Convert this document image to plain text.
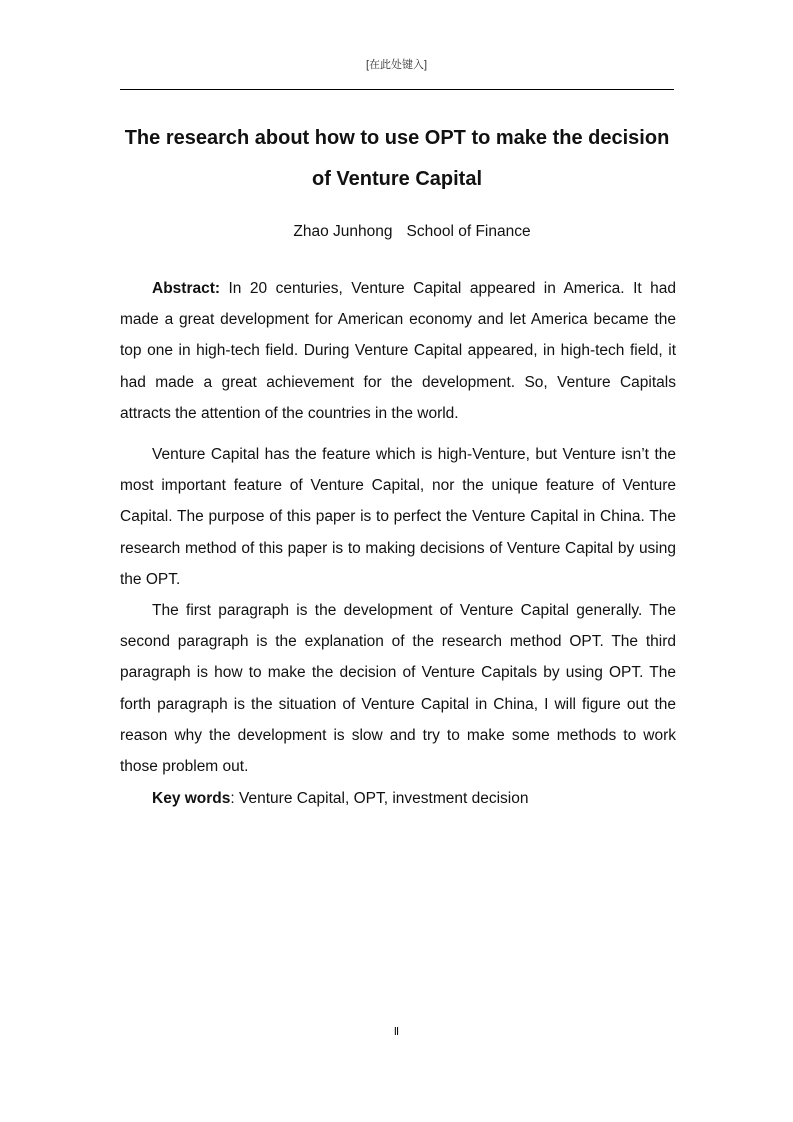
[在此处键入]
The research about how to use OPT to make the decision
of Venture Capital
Zhao Junhong School of Finance

Abstract: In 20 centuries, Venture Capital appeared in America. It had made a great development for American economy and let America became the top one in high-tech field. During Venture Capital appeared, in high-tech field, it had made a great achievement for the development. So, Venture Capitals attracts the attention of the countries in the world.

Venture Capital has the feature which is high-Venture, but Venture isn’t the most important feature of Venture Capital, nor the unique feature of Venture Capital. The purpose of this paper is to perfect the Venture Capital in China. The research method of this paper is to making decisions of Venture Capital by using the OPT.

The first paragraph is the development of Venture Capital generally. The second paragraph is the explanation of the research method OPT. The third paragraph is how to make the decision of Venture Capitals by using OPT. The forth paragraph is the situation of Venture Capital in China, I will figure out the reason why the development is slow and try to make some methods to work those problem out.

Key words: Venture Capital, OPT, investment decision

Ⅱ
